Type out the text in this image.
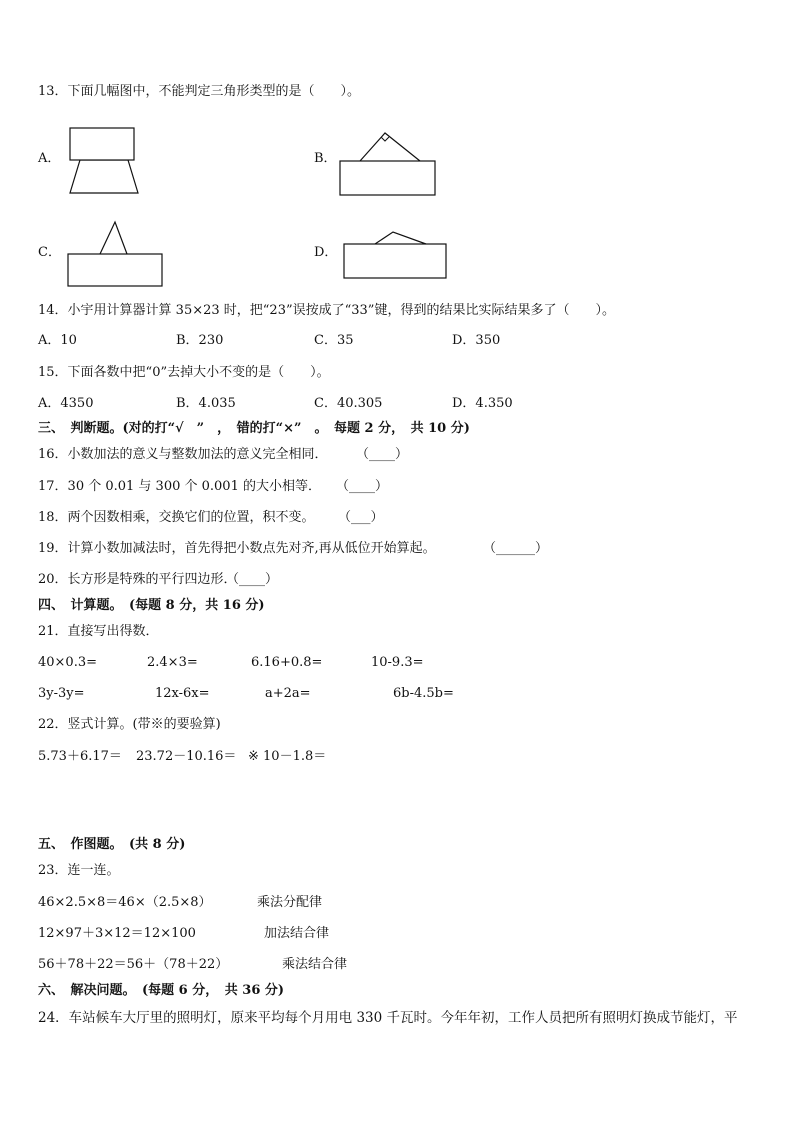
13．下面几幅图中，不能判定三角形类型的是（　　）。
A．	B．
C．	D．
14．小宇用计算器计算 35×23 时，把“23”误按成了“33”键，得到的结果比实际结果多了（　　）。
A．10	B．230	C．35	D．350
15．下面各数中把“0”去掉大小不变的是（　　）。
A．4350	B．4.035	C．40.305	D．4.350
三、　判断题。(对的打“√　”　，　错的打“×”　。　每题 2 分，　共 10 分)
16．小数加法的意义与整数加法的意义完全相同． （____）
17．30 个 0.01 与 300 个 0.001 的大小相等． （____）
18．两个因数相乘，交换它们的位置，积不变。 （___）
19．计算小数加减法时，首先得把小数点先对齐,再从低位开始算起。	（______）
20．长方形是特殊的平行四边形．
（____）
四、　计算题。　(每题 8 分，共 16 分)
21．直接写出得数．
40×0.3=	2.4×3=	6.16+0.8=	10-9.3=
3y-3y=	12x-6x=	a+2a=	6b-4.5b=
22．竖式计算。(带※的要验算)
5.73＋6.17＝ 23.72－10.16＝ ※ 10－1.8＝
五、　作图题。　(共 8 分)
23．连一连。
46×2.5×8＝46×（2.5×8）	乘法分配律
12×97＋3×12＝12×100	加法结合律
56＋78＋22＝56＋（78＋22）	乘法结合律
六、　解决问题。　(每题 6 分，　共 36 分)
24．车站候车大厅里的照明灯，原来平均每个月用电 330 千瓦时。今年年初，工作人员把所有照明灯换成节能灯，平
